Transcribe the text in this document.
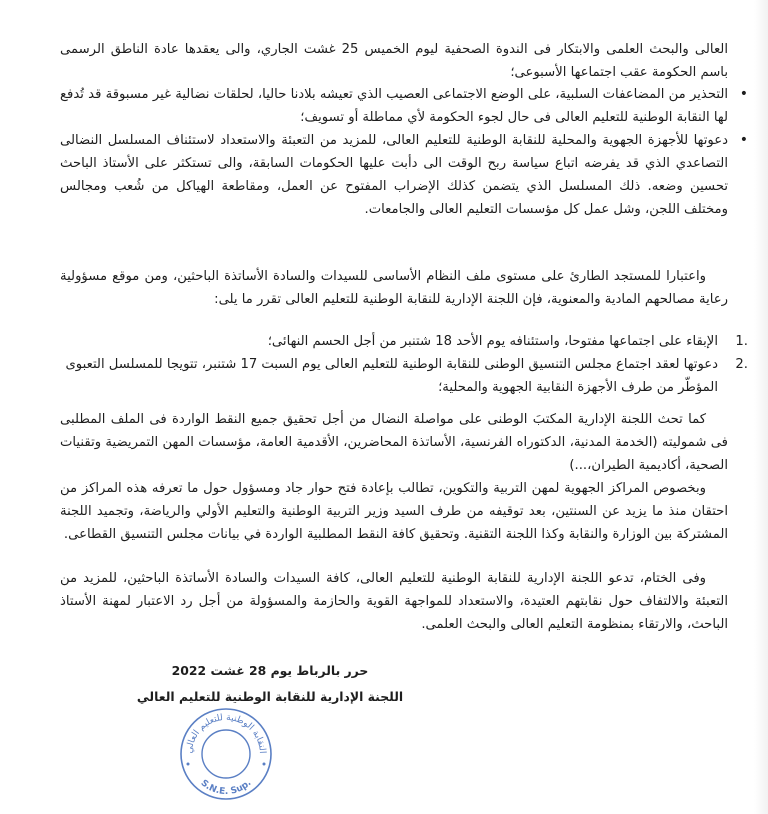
العالى والبحث العلمى والابتكار فى الندوة الصحفية ليوم الخميس 25 غشت الجاري، والى يعقدها عادة الناطق الرسمى باسم الحكومة عقب اجتماعها الأسبوعى؛

• التحذير من المضاعفات السلبية، على الوضع الاجتماعى العصيب الذي تعيشه بلادنا حاليا، لحلقات نضالية غير مسبوقة قد تُدفع لها النقابة الوطنية للتعليم العالى فى حال لجوء الحكومة لأي مماطلة أو تسويف؛
• دعوتها للأجهزة الجهوية والمحلية للنقابة الوطنية للتعليم العالى، للمزيد من التعبئة والاستعداد لاستئناف المسلسل النضالى التصاعدي الذي قد يفرضه اتباع سياسة ربح الوقت الى دأبت عليها الحكومات السابقة، والى تستكثر على الأستاذ الباحث تحسين وضعه. ذلك المسلسل الذي يتضمن كذلك الإضراب المفتوح عن العمل، ومقاطعة الهياكل من شُعب ومجالس ومختلف اللجن، وشل عمل كل مؤسسات التعليم العالى والجامعات.

واعتبارا للمستجد الطارئ على مستوى ملف النظام الأساسى للسيدات والسادة الأساتذة الباحثين، ومن موقع مسؤولية رعاية مصالحهم المادية والمعنوية، فإن اللجنة الإدارية للنقابة الوطنية للتعليم العالى تقرر ما يلى:

1.
الإبقاء على اجتماعها مفتوحا، واستئنافه يوم الأحد 18 شتنبر من أجل الحسم النهائى؛
2.
دعوتها لعقد اجتماع مجلس التنسيق الوطنى للنقابة الوطنية للتعليم العالى يوم السبت 17 شتنبر، تتويجا للمسلسل التعبوى المؤطّر من طرف الأجهزة النقابية الجهوية والمحلية؛

كما تحث اللجنة الإدارية المكتبَ الوطنى على مواصلة النضال من أجل تحقيق جميع النقط الواردة فى الملف المطلبى فى شموليته (الخدمة المدنية، الدكتوراه الفرنسية، الأساتذة المحاضرين، الأقدمية العامة، مؤسسات المهن التمريضية وتقنيات الصحية، أكاديمية الطيران،...)

وبخصوص المراكز الجهوية لمهن التربية والتكوين، تطالب بإعادة فتح حوار جاد ومسؤول حول ما تعرفه هذه المراكز من احتقان منذ ما يزيد عن السنتين، بعد توقيفه من طرف السيد وزير التربية الوطنية والتعليم الأولي والرياضة، وتجميد اللجنة المشتركة بين الوزارة والنقابة وكذا اللجنة التقنية. وتحقيق كافة النقط المطلبية الواردة في بيانات مجلس التنسيق القطاعى.

وفى الختام، تدعو اللجنة الإدارية للنقابة الوطنية للتعليم العالى، كافة السيدات والسادة الأساتذة الباحثين، للمزيد من التعبئة والالتفاف حول نقابتهم العتيدة، والاستعداد للمواجهة القوية والحازمة والمسؤولة من أجل رد الاعتبار لمهنة الأستاذ الباحث، والارتقاء بمنظومة التعليم العالى والبحث العلمى.

حرر بالرباط يوم 28 غشت 2022
اللجنة الإدارية للنقابة الوطنية للتعليم العالي
النقابة الوطنية للتعليم العالي
S.N.E. Sup.
